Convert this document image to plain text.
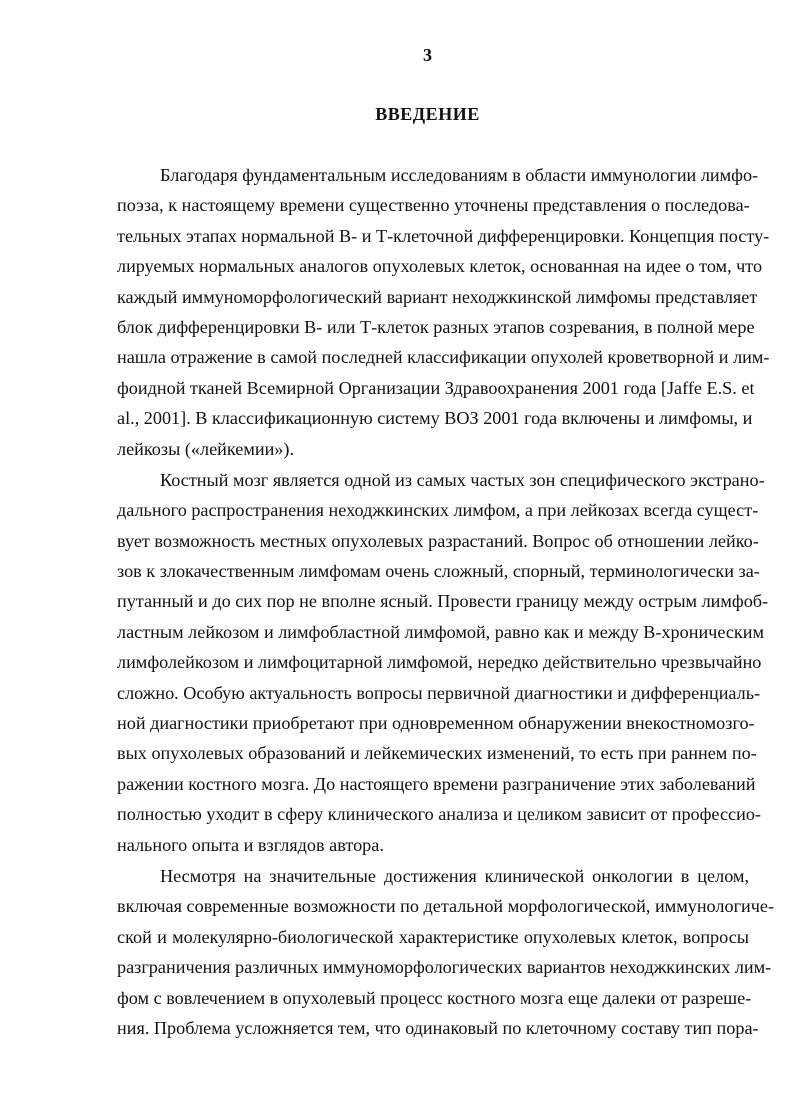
3
ВВЕДЕНИЕ
Благодаря фундаментальным исследованиям в области иммунологии лимфо-
поэза, к настоящему времени существенно уточнены представления о последова-
тельных этапах нормальной В- и Т-клеточной дифференцировки. Концепция посту-
лируемых нормальных аналогов опухолевых клеток, основанная на идее о том, что
каждый иммуноморфологический вариант неходжкинской лимфомы представляет
блок дифференцировки В- или Т-клеток разных этапов созревания, в полной мере
нашла отражение в самой последней классификации опухолей кроветворной и лим-
фоидной тканей Всемирной Организации Здравоохранения 2001 года [Jaffe E.S. et
al., 2001]. В классификационную систему ВОЗ 2001 года включены и лимфомы, и
лейкозы («лейкемии»).
Костный мозг является одной из самых частых зон специфического экстрано-
дального распространения неходжкинских лимфом, а при лейкозах всегда сущест-
вует возможность местных опухолевых разрастаний. Вопрос об отношении лейко-
зов к злокачественным лимфомам очень сложный, спорный, терминологически за-
путанный и до сих пор не вполне ясный. Провести границу между острым лимфоб-
ластным лейкозом и лимфобластной лимфомой, равно как и между В-хроническим
лимфолейкозом и лимфоцитарной лимфомой, нередко действительно чрезвычайно
сложно. Особую актуальность вопросы первичной диагностики и дифференциаль-
ной диагностики приобретают при одновременном обнаружении внекостномозго-
вых опухолевых образований и лейкемических изменений, то есть при раннем по-
ражении костного мозга. До настоящего времени разграничение этих заболеваний
полностью уходит в сферу клинического анализа и целиком зависит от профессио-
нального опыта и взглядов автора.
Несмотря на значительные достижения клинической онкологии в целом,
включая современные возможности по детальной морфологической, иммунологиче-
ской и молекулярно-биологической характеристике опухолевых клеток, вопросы
разграничения различных иммуноморфологических вариантов неходжкинских лим-
фом с вовлечением в опухолевый процесс костного мозга еще далеки от разреше-
ния. Проблема усложняется тем, что одинаковый по клеточному составу тип пора-
